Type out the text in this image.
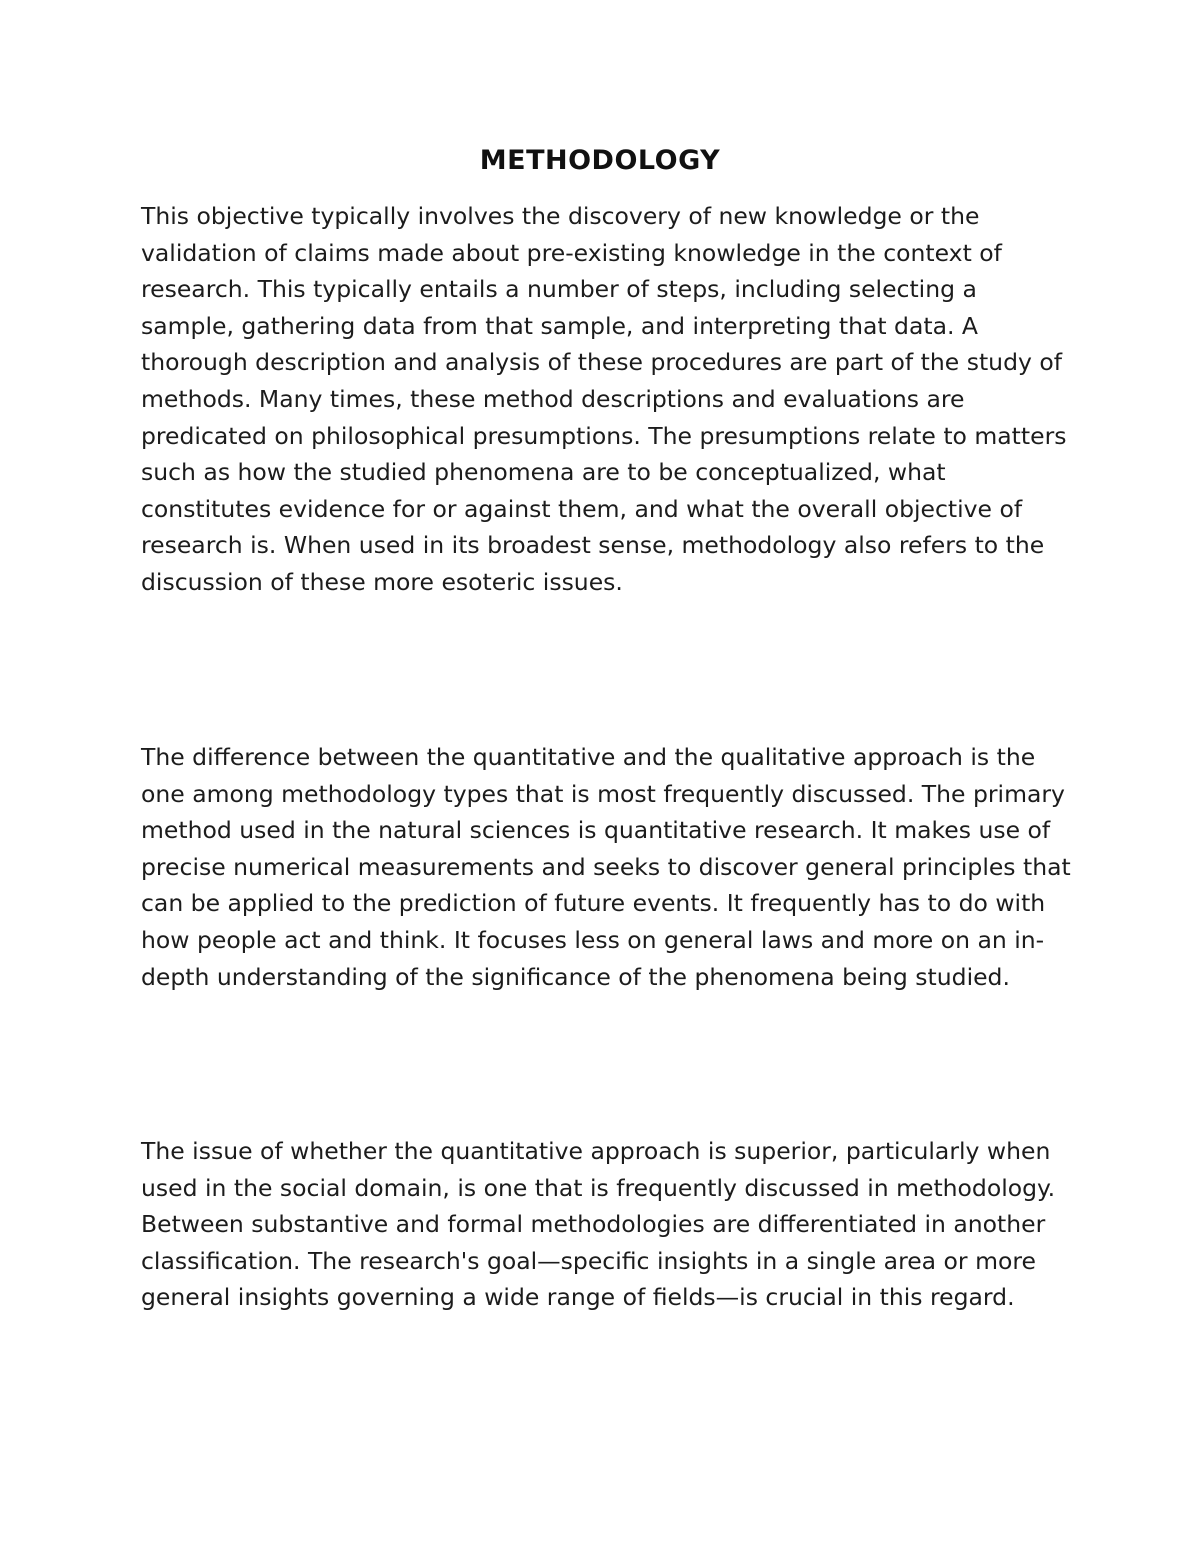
METHODOLOGY

This objective typically involves the discovery of new knowledge or the validation of claims made about pre-existing knowledge in the context of research. This typically entails a number of steps, including selecting a sample, gathering data from that sample, and interpreting that data. A thorough description and analysis of these procedures are part of the study of methods. Many times, these method descriptions and evaluations are predicated on philosophical presumptions. The presumptions relate to matters such as how the studied phenomena are to be conceptualized, what constitutes evidence for or against them, and what the overall objective of research is. When used in its broadest sense, methodology also refers to the discussion of these more esoteric issues.

The difference between the quantitative and the qualitative approach is the one among methodology types that is most frequently discussed. The primary method used in the natural sciences is quantitative research. It makes use of precise numerical measurements and seeks to discover general principles that can be applied to the prediction of future events. It frequently has to do with how people act and think. It focuses less on general laws and more on an in-depth understanding of the significance of the phenomena being studied.

The issue of whether the quantitative approach is superior, particularly when used in the social domain, is one that is frequently discussed in methodology. Between substantive and formal methodologies are differentiated in another classification. The research's goal—specific insights in a single area or more general insights governing a wide range of fields—is crucial in this regard.
